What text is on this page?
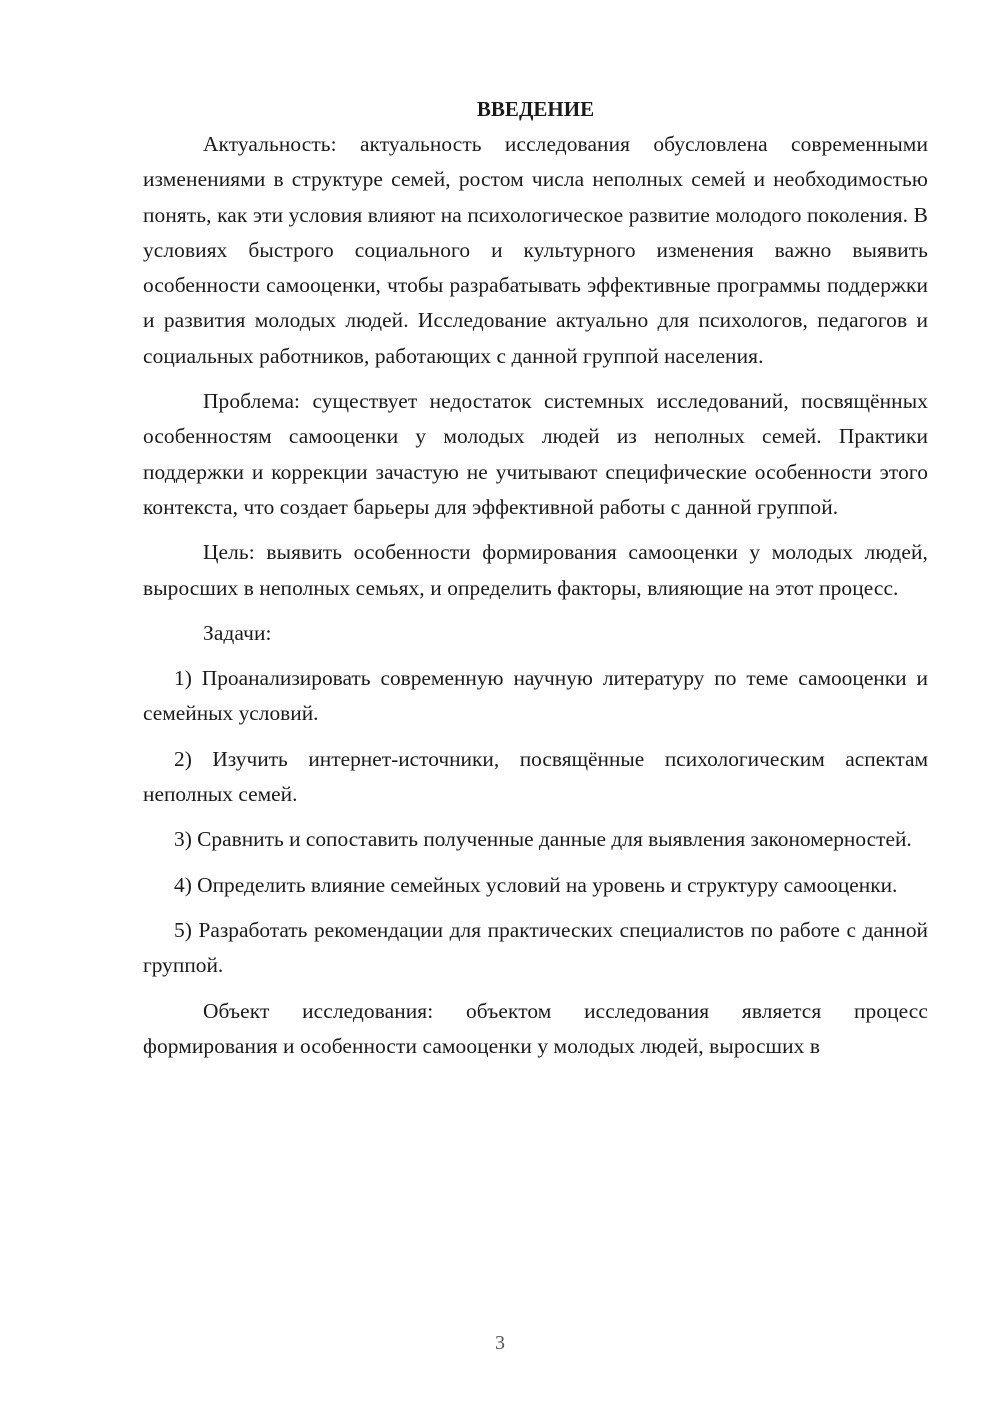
ВВЕДЕНИЕ

Актуальность: актуальность исследования обусловлена современными изменениями в структуре семей, ростом числа неполных семей и необходимостью понять, как эти условия влияют на психологическое развитие молодого поколения. В условиях быстрого социального и культурного изменения важно выявить особенности самооценки, чтобы разрабатывать эффективные программы поддержки и развития молодых людей. Исследование актуально для психологов, педагогов и социальных работников, работающих с данной группой населения.

Проблема: существует недостаток системных исследований, посвящённых особенностям самооценки у молодых людей из неполных семей. Практики поддержки и коррекции зачастую не учитывают специфические особенности этого контекста, что создает барьеры для эффективной работы с данной группой.

Цель: выявить особенности формирования самооценки у молодых людей, выросших в неполных семьях, и определить факторы, влияющие на этот процесс.

Задачи:

1) Проанализировать современную научную литературу по теме самооценки и семейных условий.

2) Изучить интернет-источники, посвящённые психологическим аспектам неполных семей.

3) Сравнить и сопоставить полученные данные для выявления закономерностей.

4) Определить влияние семейных условий на уровень и структуру самооценки.

5) Разработать рекомендации для практических специалистов по работе с данной группой.

Объект исследования: объектом исследования является процесс формирования и особенности самооценки у молодых людей, выросших в

3
